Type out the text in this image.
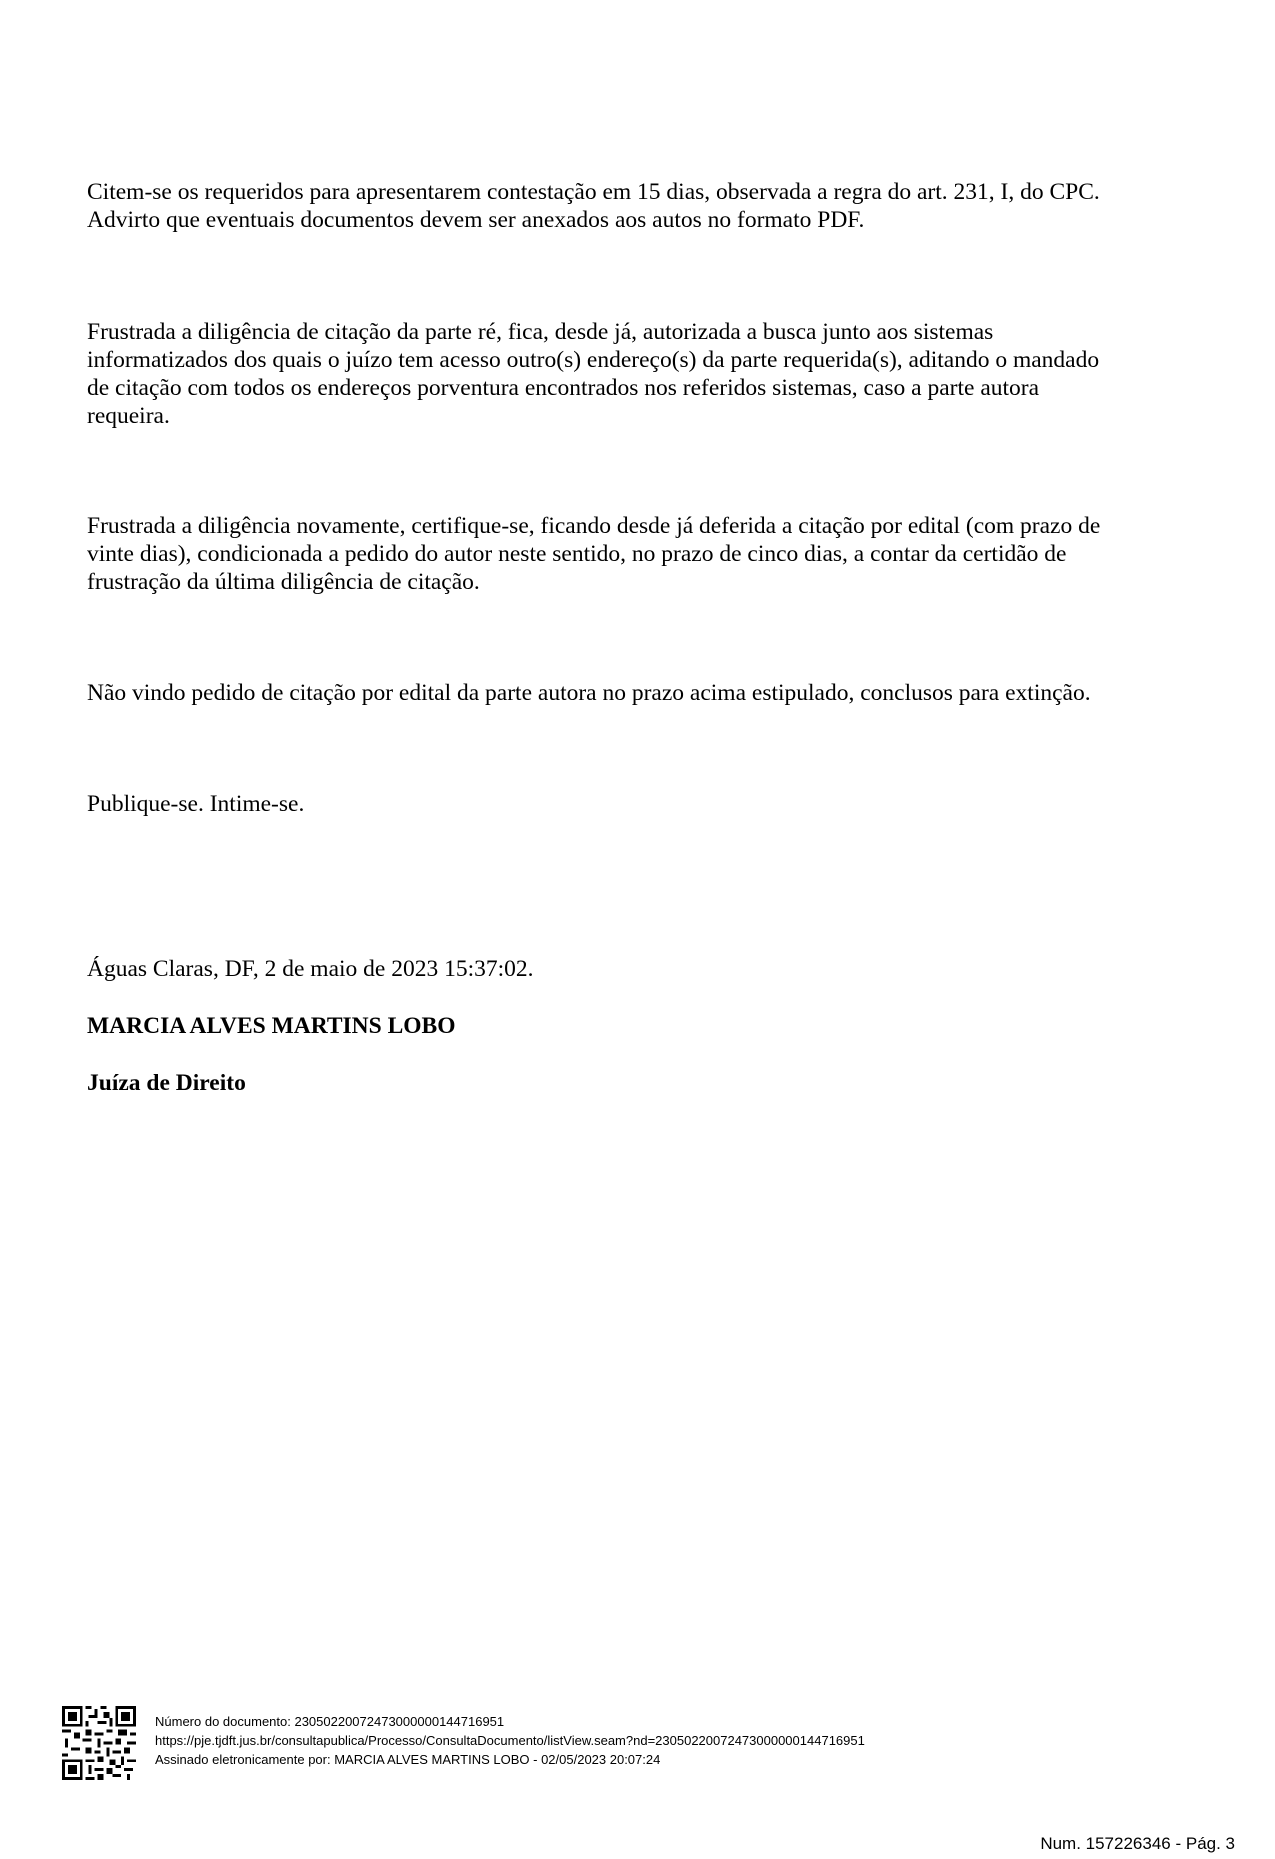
Citem-se os requeridos para apresentarem contestação em 15 dias, observada a regra do art. 231, I, do CPC.

Advirto que eventuais documentos devem ser anexados aos autos no formato PDF.

Frustrada a diligência de citação da parte ré, fica, desde já, autorizada a busca junto aos sistemas

informatizados dos quais o juízo tem acesso outro(s) endereço(s) da parte requerida(s), aditando o mandado

de citação com todos os endereços porventura encontrados nos referidos sistemas, caso a parte autora

requeira.

Frustrada a diligência novamente, certifique-se, ficando desde já deferida a citação por edital (com prazo de

vinte dias), condicionada a pedido do autor neste sentido, no prazo de cinco dias, a contar da certidão de

frustração da última diligência de citação.

Não vindo pedido de citação por edital da parte autora no prazo acima estipulado, conclusos para extinção.

Publique-se. Intime-se.

Águas Claras, DF, 2 de maio de 2023 15:37:02.

MARCIA ALVES MARTINS LOBO
Juíza de Direito
Número do documento: 23050220072473000000144716951
https://pje.tjdft.jus.br/consultapublica/Processo/ConsultaDocumento/listView.seam?nd=23050220072473000000144716951
Assinado eletronicamente por: MARCIA ALVES MARTINS LOBO - 02/05/2023 20:07:24
Num. 157226346 - Pág. 3
